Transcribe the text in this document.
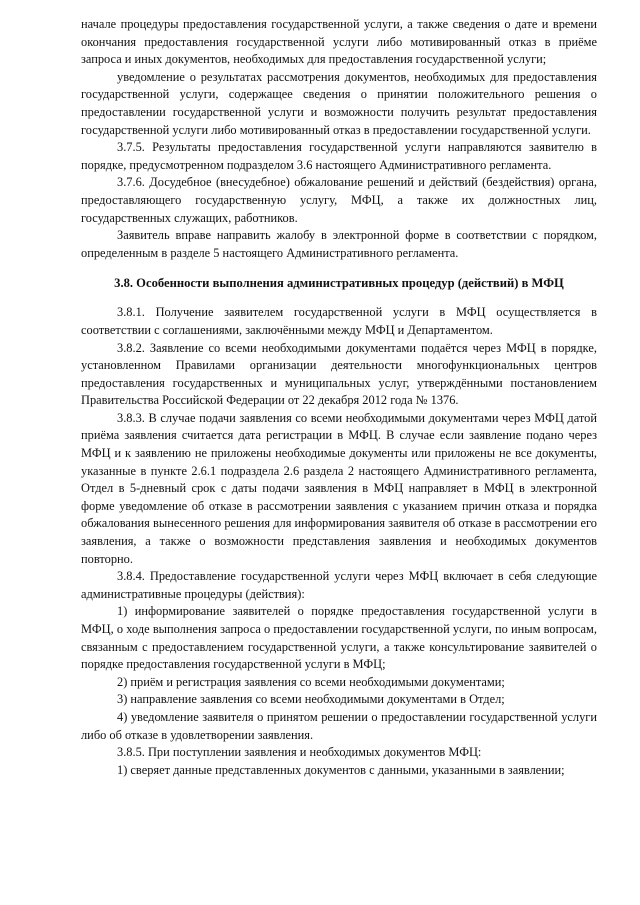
начале процедуры предоставления государственной услуги, а также сведения о дате и времени окончания предоставления государственной услуги либо мотивированный отказ в приёме запроса и иных документов, необходимых для предоставления государственной услуги;

уведомление о результатах рассмотрения документов, необходимых для предоставления государственной услуги, содержащее сведения о принятии положительного решения о предоставлении государственной услуги и возможности получить результат предоставления государственной услуги либо мотивированный отказ в предоставлении государственной услуги.

3.7.5. Результаты предоставления государственной услуги направляются заявителю в порядке, предусмотренном подразделом 3.6 настоящего Административного регламента.

3.7.6. Досудебное (внесудебное) обжалование решений и действий (бездействия) органа, предоставляющего государственную услугу, МФЦ, а также их должностных лиц, государственных служащих, работников.

Заявитель вправе направить жалобу в электронной форме в соответствии с порядком, определенным в разделе 5 настоящего Административного регламента.

3.8. Особенности выполнения административных процедур (действий) в МФЦ

3.8.1. Получение заявителем государственной услуги в МФЦ осуществляется в соответствии с соглашениями, заключёнными между МФЦ и Департаментом.

3.8.2. Заявление со всеми необходимыми документами подаётся через МФЦ в порядке, установленном Правилами организации деятельности многофункциональных центров предоставления государственных и муниципальных услуг, утверждёнными постановлением Правительства Российской Федерации от 22 декабря 2012 года № 1376.

3.8.3. В случае подачи заявления со всеми необходимыми документами через МФЦ датой приёма заявления считается дата регистрации в МФЦ. В случае если заявление подано через МФЦ и к заявлению не приложены необходимые документы или приложены не все документы, указанные в пункте 2.6.1 подраздела 2.6 раздела 2 настоящего Административного регламента, Отдел в 5-дневный срок с даты подачи заявления в МФЦ направляет в МФЦ в электронной форме уведомление об отказе в рассмотрении заявления с указанием причин отказа и порядка обжалования вынесенного решения для информирования заявителя об отказе в рассмотрении его заявления, а также о возможности представления заявления и необходимых документов повторно.

3.8.4. Предоставление государственной услуги через МФЦ включает в себя следующие административные процедуры (действия):

1) информирование заявителей о порядке предоставления государственной услуги в МФЦ, о ходе выполнения запроса о предоставлении государственной услуги, по иным вопросам, связанным с предоставлением государственной услуги, а также консультирование заявителей о порядке предоставления государственной услуги в МФЦ;

2) приём и регистрация заявления со всеми необходимыми документами;

3) направление заявления со всеми необходимыми документами в Отдел;

4) уведомление заявителя о принятом решении о предоставлении государственной услуги либо об отказе в удовлетворении заявления.

3.8.5. При поступлении заявления и необходимых документов МФЦ:

1) сверяет данные представленных документов с данными, указанными в заявлении;
